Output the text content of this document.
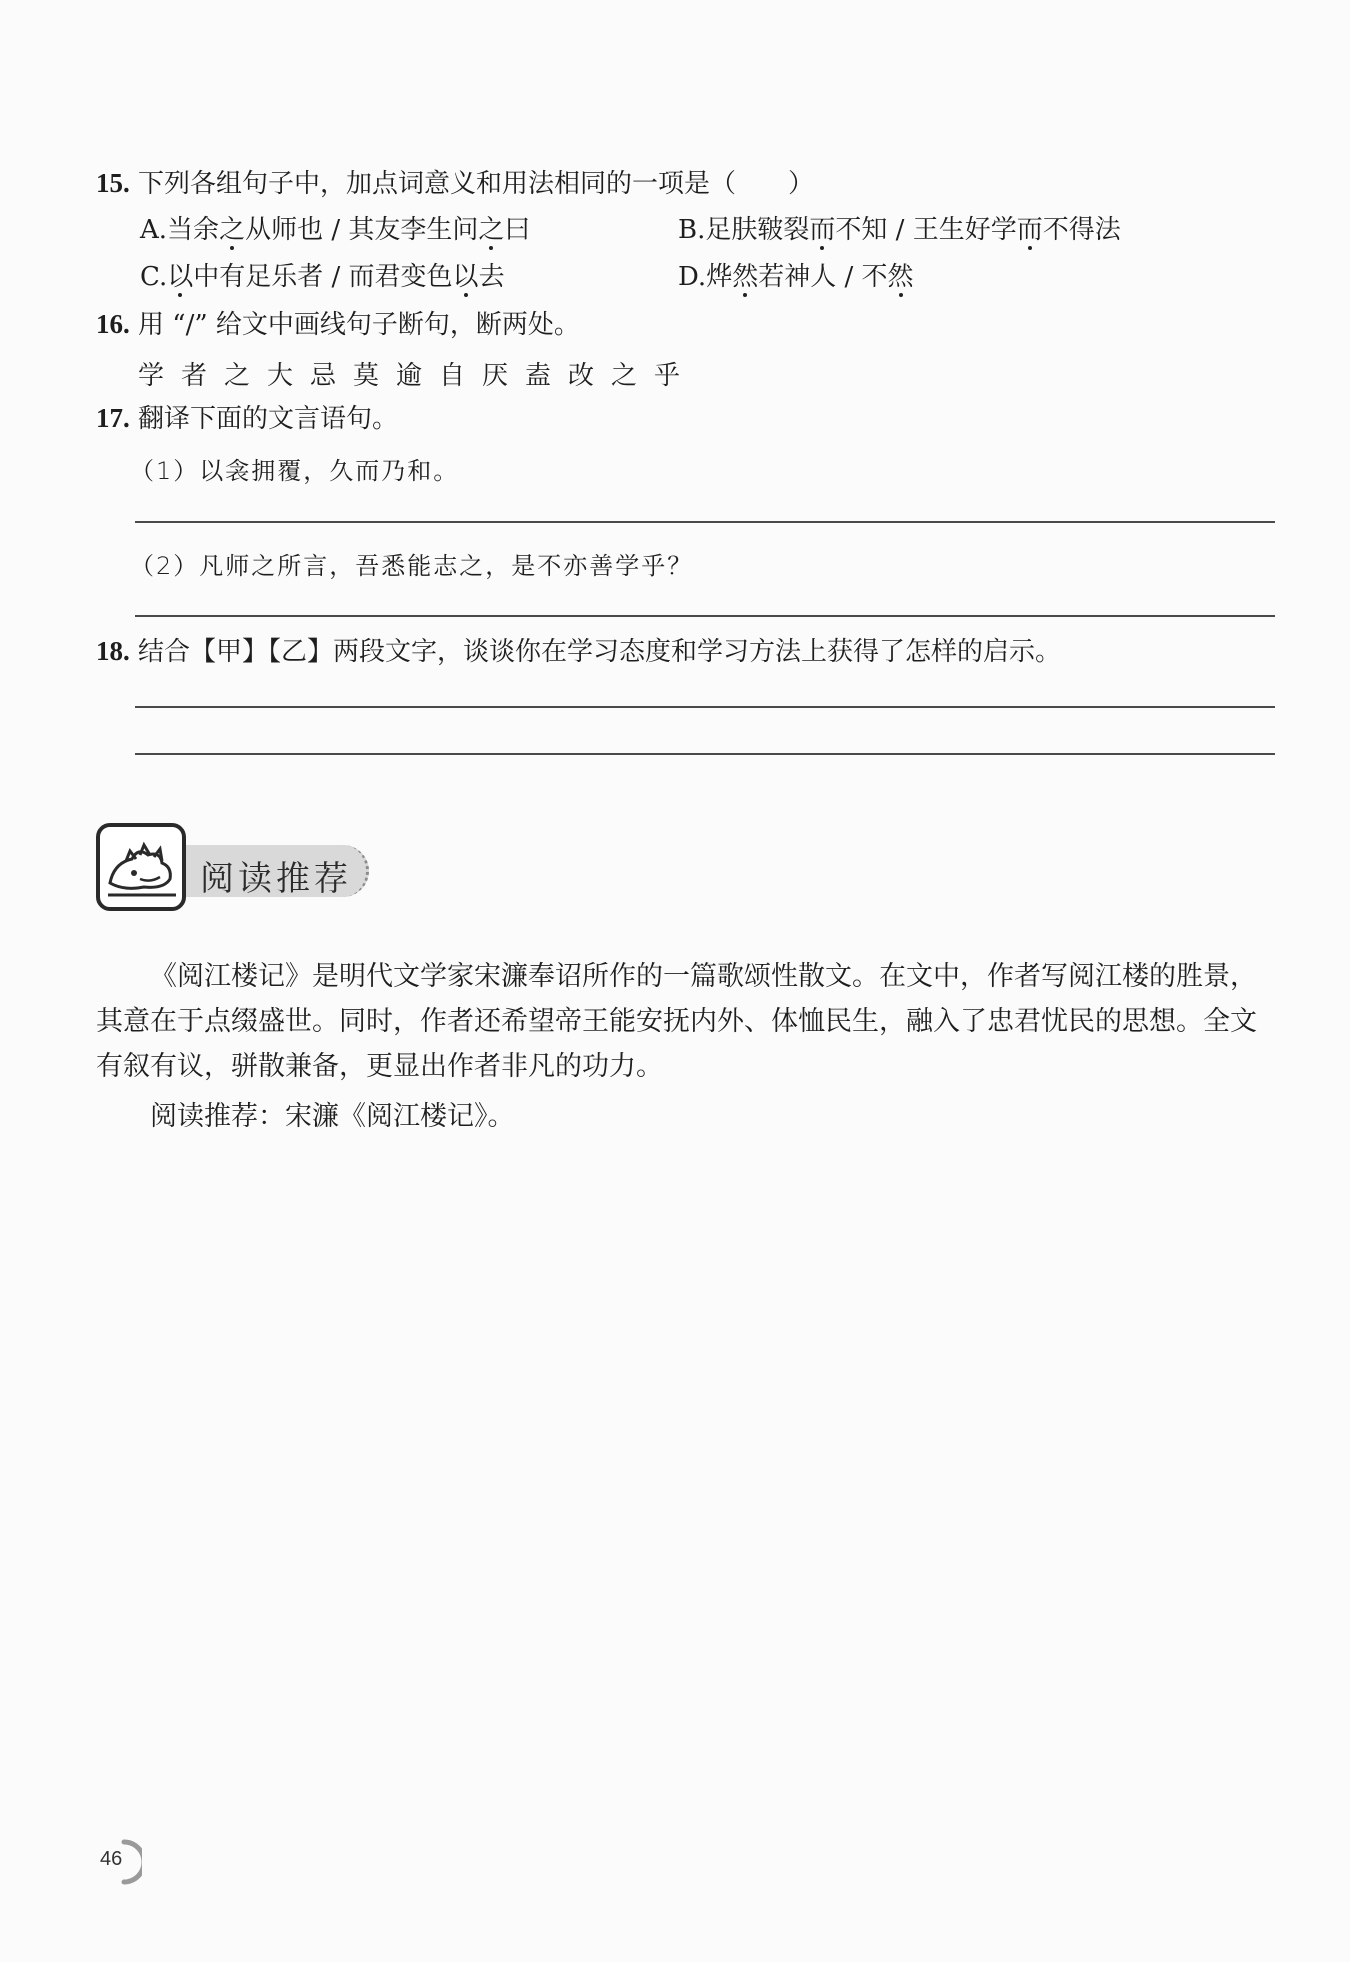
15. 下列各组句子中，加点词意义和用法相同的一项是（　　）
A.当余之从师也 / 其友李生问之曰	B.足肤皲裂而不知 / 王生好学而不得法
C.以中有足乐者 / 而君变色以去	D.烨然若神人 / 不然
16. 用 “/” 给文中画线句子断句，断两处。
学者之大忌莫逾自厌盍改之乎
17. 翻译下面的文言语句。
（1）以衾拥覆，久而乃和。
（2）凡师之所言，吾悉能志之，是不亦善学乎？
18. 结合【甲】【乙】两段文字，谈谈你在学习态度和学习方法上获得了怎样的启示。
阅读推荐

《阅江楼记》是明代文学家宋濂奉诏所作的一篇歌颂性散文。在文中，作者写阅江楼的胜景，其意在于点缀盛世。同时，作者还希望帝王能安抚内外、体恤民生，融入了忠君忧民的思想。全文有叙有议，骈散兼备，更显出作者非凡的功力。

阅读推荐：宋濂《阅江楼记》。
46
